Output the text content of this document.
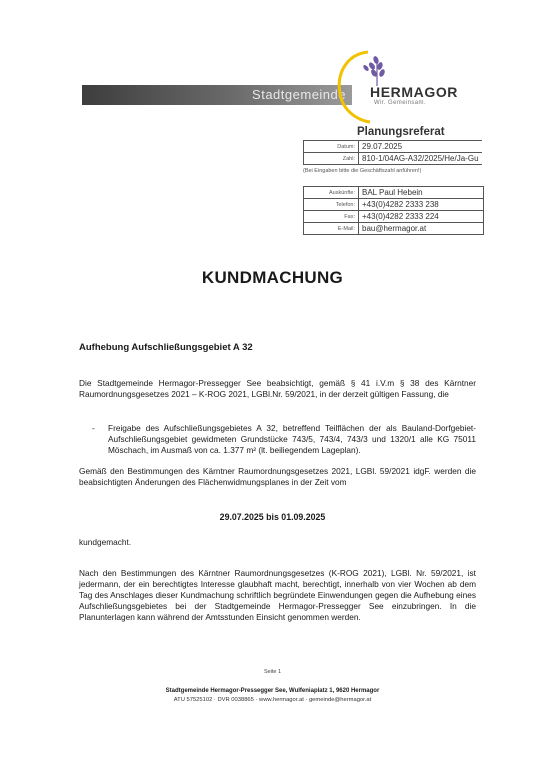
Stadtgemeinde HERMAGOR
Wir. Gemeinsam.
Planungsreferat
Datum:	29.07.2025
Zahl:	810-1/04AG-A32/2025/He/Ja-Gu
(Bei Eingaben bitte die Geschäftszahl anführen!)
Auskünfte:	BAL Paul Hebein
Telefon:	+43(0)4282 2333 238
Fax:	+43(0)4282 2333 224
E-Mail:	bau@hermagor.at
KUNDMACHUNG
Aufhebung Aufschließungsgebiet A 32
Die Stadtgemeinde Hermagor-Pressegger See beabsichtigt, gemäß § 41 i.V.m § 38 des Kärntner Raumordnungsgesetzes 2021 – K-ROG 2021, LGBl.Nr. 59/2021, in der derzeit gültigen Fassung, die
- Freigabe des Aufschließungsgebietes A 32, betreffend Teilflächen der als Bauland-Dorfgebiet-Aufschließungsgebiet gewidmeten Grundstücke 743/5, 743/4, 743/3 und 1320/1 alle KG 75011 Möschach, im Ausmaß von ca. 1.377 m² (lt. beiliegendem Lageplan).
Gemäß den Bestimmungen des Kärntner Raumordnungsgesetzes 2021, LGBl. 59/2021 idgF. werden die beabsichtigten Änderungen des Flächenwidmungsplanes in der Zeit vom
29.07.2025 bis 01.09.2025
kundgemacht.
Nach den Bestimmungen des Kärntner Raumordnungsgesetzes (K-ROG 2021), LGBl. Nr. 59/2021, ist jedermann, der ein berechtigtes Interesse glaubhaft macht, berechtigt, innerhalb von vier Wochen ab dem Tag des Anschlages dieser Kundmachung schriftlich begründete Einwendungen gegen die Aufhebung eines Aufschließungsgebietes bei der Stadtgemeinde Hermagor-Pressegger See einzubringen. In die Planunterlagen kann während der Amtsstunden Einsicht genommen werden.
Seite 1
Stadtgemeinde Hermagor-Pressegger See, Wulfeniaplatz 1, 9620 Hermagor
ATU 57525102 · DVR 0038865 · www.hermagor.at · gemeinde@hermagor.at
